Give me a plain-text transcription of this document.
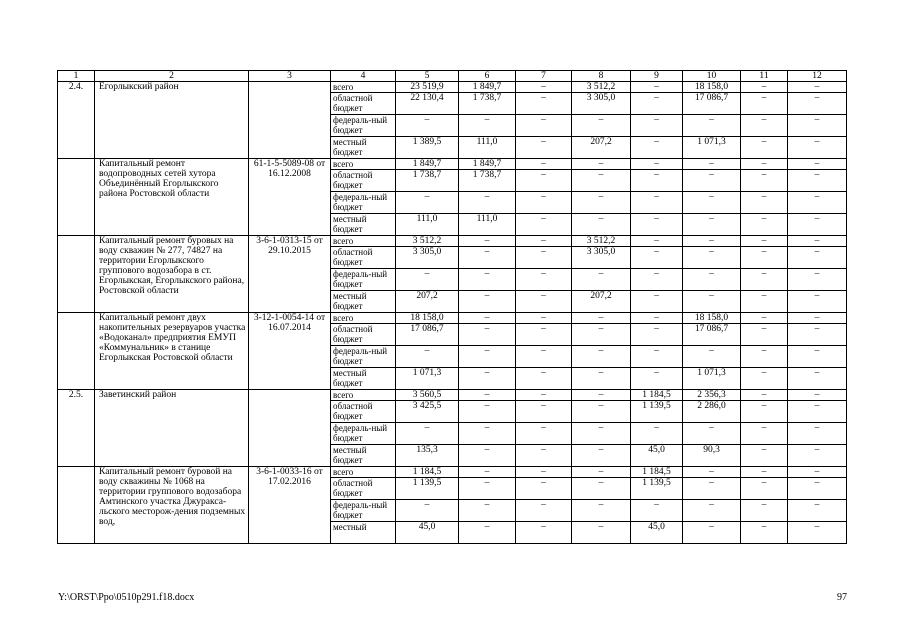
1	2	3	4	5	6	7	8	9	10	11	12
2.4.	Егорлыкский район		всего	23 519,9	1 849,7	–	3 512,2	–	18 158,0	–	–
			областной бюджет	22 130,4	1 738,7	–	3 305,0	–	17 086,7	–	–
			федераль-ный бюджет	–	–	–	–	–	–	–	–
			местный бюджет	1 389,5	111,0	–	207,2	–	1 071,3	–	–
	Капитальный ремонт водопроводных сетей хутора Объединённый Егорлыкского района Ростовской области	61-1-5-5089-08 от 16.12.2008	всего	1 849,7	1 849,7	–	–	–	–	–	–
			областной бюджет	1 738,7	1 738,7	–	–	–	–	–	–
			федераль-ный бюджет	–	–	–	–	–	–	–	–
			местный бюджет	111,0	111,0	–	–	–	–	–	–
	Капитальный ремонт буровых на воду скважин № 277, 74827 на территории Егорлыкского группового водозабора в ст. Егорлыкская, Егорлыкского района, Ростовской области	3-6-1-0313-15 от 29.10.2015	всего	3 512,2	–	–	3 512,2	–	–	–	–
			областной бюджет	3 305,0	–	–	3 305,0	–	–	–	–
			федераль-ный бюджет	–	–	–	–	–	–	–	–
			местный бюджет	207,2	–	–	207,2	–	–	–	–
	Капитальный ремонт двух накопительных резервуаров участка «Водоканал» предприятия ЕМУП «Коммунальник» в станице Егорлыкская Ростовской области	3-12-1-0054-14 от 16.07.2014	всего	18 158,0	–	–	–	–	18 158,0	–	–
			областной бюджет	17 086,7	–	–	–	–	17 086,7	–	–
			федераль-ный бюджет	–	–	–	–	–	–	–	–
			местный бюджет	1 071,3	–	–	–	–	1 071,3	–	–
2.5.	Заветинский район		всего	3 560,5	–	–	–	1 184,5	2 356,3	–	–
			областной бюджет	3 425,5	–	–	–	1 139,5	2 286,0	–	–
			федераль-ный бюджет	–	–	–	–	–	–	–	–
			местный бюджет	135,3	–	–	–	45,0	90,3	–	–
	Капитальный ремонт буровой на воду скважины № 1068 на территории группового водозабора Амтинского участка Джураксальского месторож-дения подземных вод,	3-6-1-0033-16 от 17.02.2016	всего	1 184,5	–	–	–	1 184,5	–	–	–
			областной бюджет	1 139,5	–	–	–	1 139,5	–	–	–
			федераль-ный бюджет	–	–	–	–	–	–	–	–
			местный	45,0	–	–	–	45,0	–	–	–
Y:\ORST\Ppo\0510p291.f18.docx	97
